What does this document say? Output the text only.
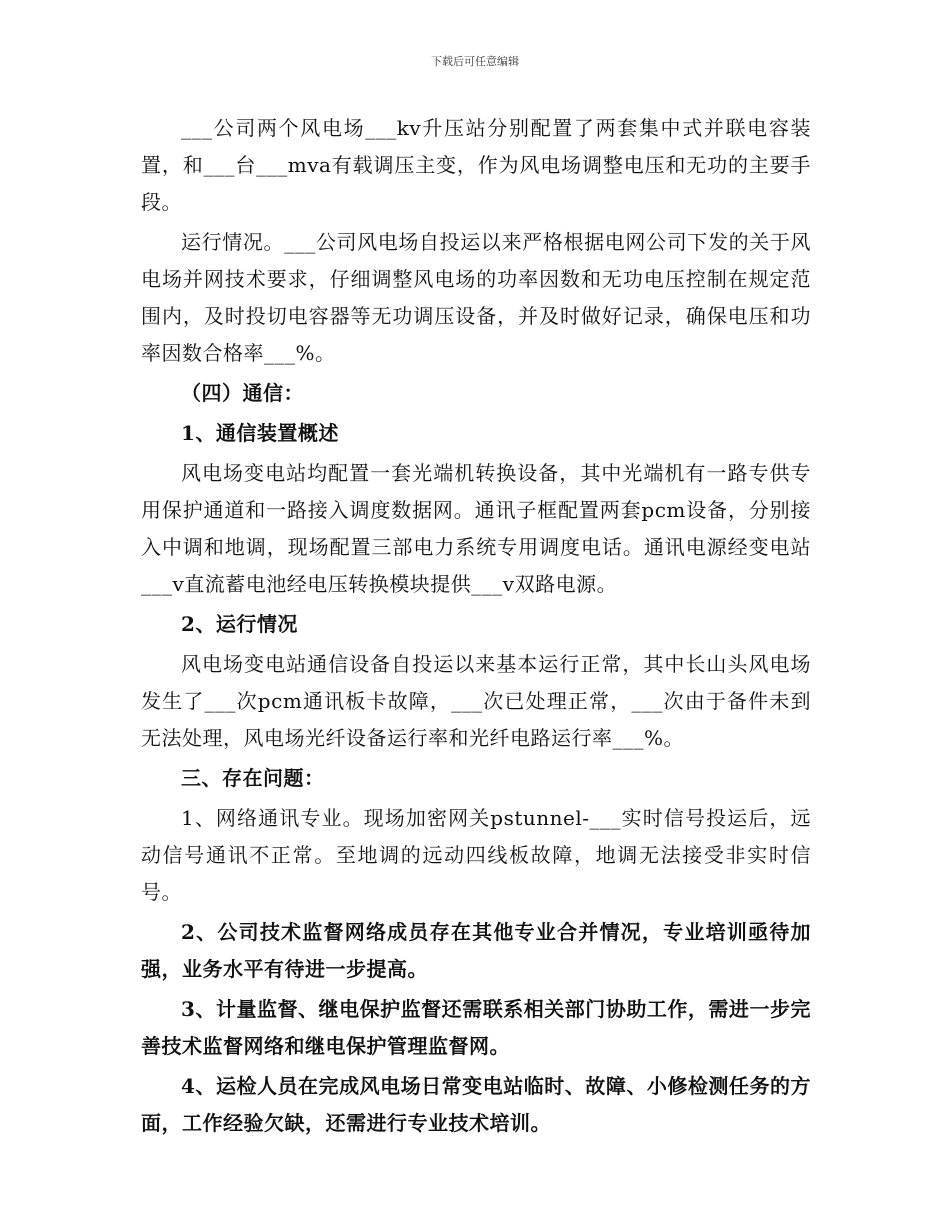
下载后可任意编辑

___公司两个风电场___kv升压站分别配置了两套集中式并联电容装置，和___台___mva有载调压主变，作为风电场调整电压和无功的主要手段。

运行情况。___公司风电场自投运以来严格根据电网公司下发的关于风电场并网技术要求，仔细调整风电场的功率因数和无功电压控制在规定范围内，及时投切电容器等无功调压设备，并及时做好记录，确保电压和功率因数合格率___%。

（四）通信：

1、通信装置概述

风电场变电站均配置一套光端机转换设备，其中光端机有一路专供专用保护通道和一路接入调度数据网。通讯子框配置两套pcm设备，分别接入中调和地调，现场配置三部电力系统专用调度电话。通讯电源经变电站___v直流蓄电池经电压转换模块提供___v双路电源。

2、运行情况

风电场变电站通信设备自投运以来基本运行正常，其中长山头风电场发生了___次pcm通讯板卡故障，___次已处理正常，___次由于备件未到无法处理，风电场光纤设备运行率和光纤电路运行率___%。

三、存在问题：

1、网络通讯专业。现场加密网关pstunnel-___实时信号投运后，远动信号通讯不正常。至地调的远动四线板故障，地调无法接受非实时信号。

2、公司技术监督网络成员存在其他专业合并情况，专业培训亟待加强，业务水平有待进一步提高。

3、计量监督、继电保护监督还需联系相关部门协助工作，需进一步完善技术监督网络和继电保护管理监督网。

4、运检人员在完成风电场日常变电站临时、故障、小修检测任务的方面，工作经验欠缺，还需进行专业技术培训。
